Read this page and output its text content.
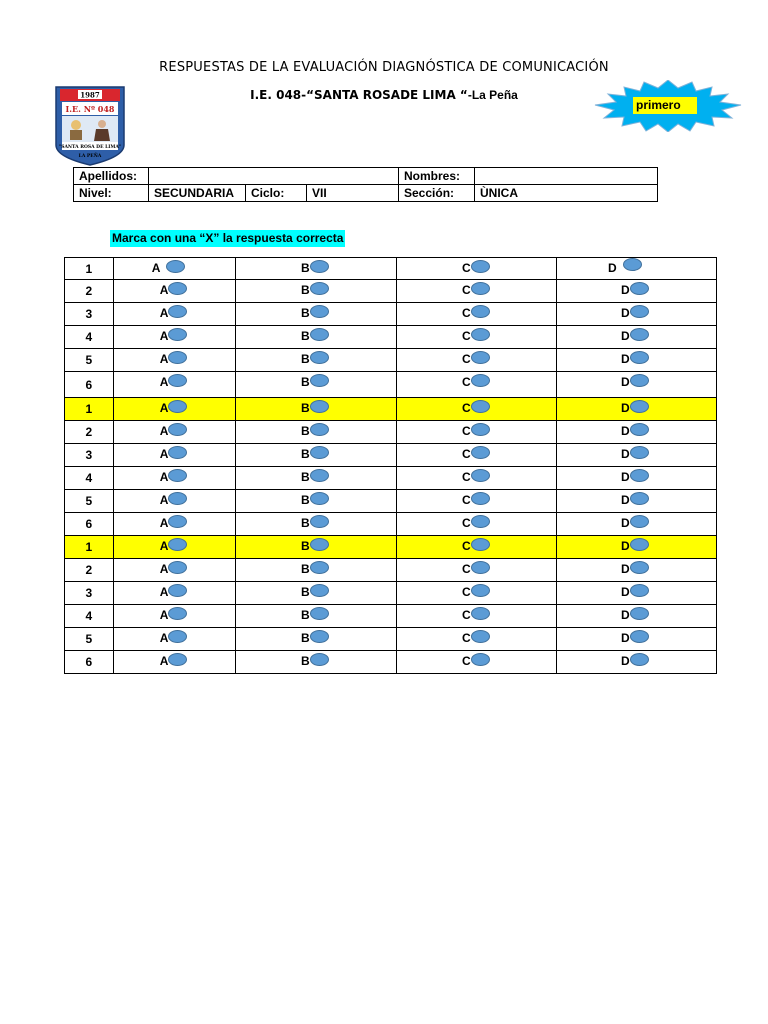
RESPUESTAS DE LA EVALUACIÓN DIAGNÓSTICA DE COMUNICACIÓN
I.E. 048-“SANTA ROSADE LIMA “-La Peña
1987
I.E. Nº 048
"SANTA ROSA DE LIMA"
LA PEÑA
primero
Apellidos:				Nombres:	
Nivel:	SECUNDARIA	Ciclo:	VII	Sección:	ÙNICA
Marca con una “X” la respuesta correcta
1	A	B	C	D

2	A	B	C	D

3	A	B	C	D

4	A	B	C	D

5	A	B	C	D

6	A	B	C	D

1	A	B	C	D

2	A	B	C	D

3	A	B	C	D

4	A	B	C	D

5	A	B	C	D

6	A	B	C	D

1	A	B	C	D

2	A	B	C	D

3	A	B	C	D

4	A	B	C	D

5	A	B	C	D

6	A	B	C	D
